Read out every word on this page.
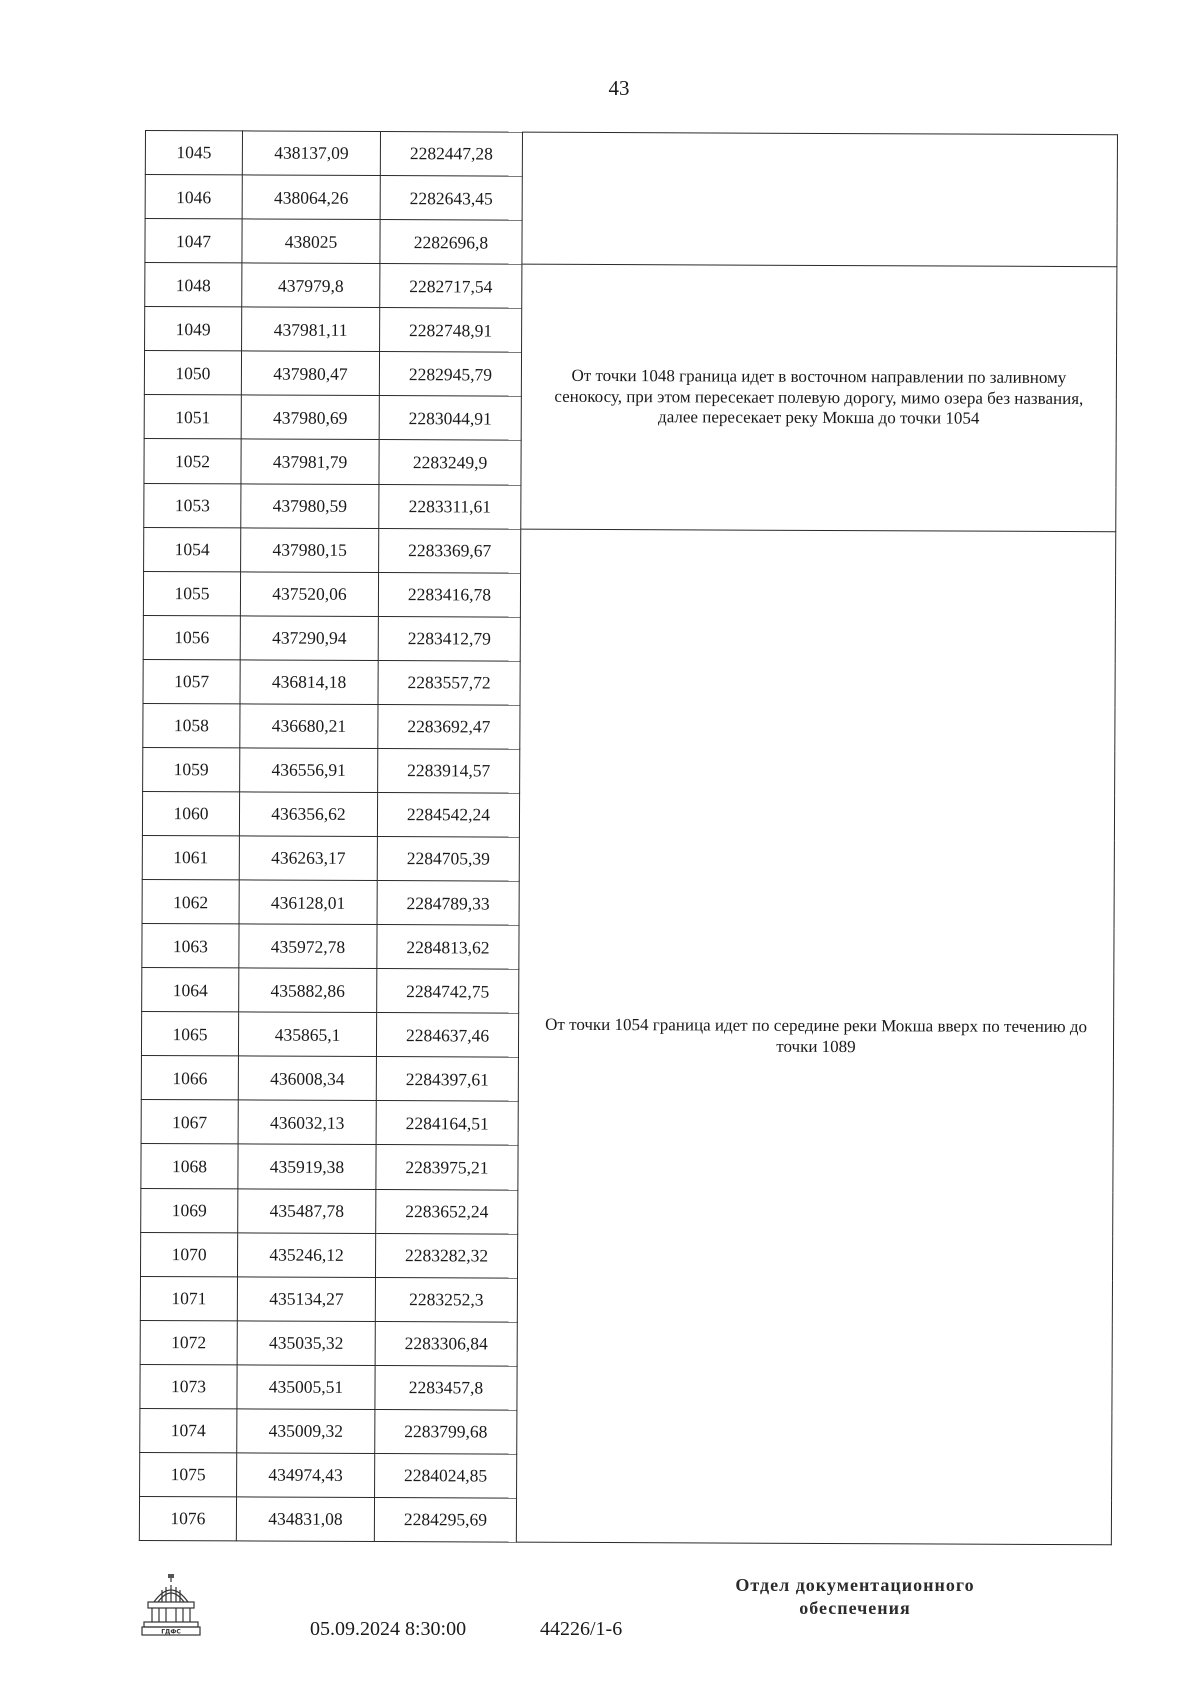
43
1045	438137,09	2282447,28	
1046	438064,26	2282643,45	
1047	438025	2282696,8	
1048	437979,8	2282717,54	От точки 1048 граница идет в восточном направлении по заливному сенокосу, при этом пересекает полевую дорогу, мимо озера без названия, далее пересекает реку Мокша до точки 1054
1049	437981,11	2282748,91	
1050	437980,47	2282945,79	
1051	437980,69	2283044,91	
1052	437981,79	2283249,9	
1053	437980,59	2283311,61	
1054	437980,15	2283369,67	От точки 1054 граница идет по середине реки Мокша вверх по течению до точки 1089
1055	437520,06	2283416,78	
1056	437290,94	2283412,79	
1057	436814,18	2283557,72	
1058	436680,21	2283692,47	
1059	436556,91	2283914,57	
1060	436356,62	2284542,24	
1061	436263,17	2284705,39	
1062	436128,01	2284789,33	
1063	435972,78	2284813,62	
1064	435882,86	2284742,75	
1065	435865,1	2284637,46	
1066	436008,34	2284397,61	
1067	436032,13	2284164,51	
1068	435919,38	2283975,21	
1069	435487,78	2283652,24	
1070	435246,12	2283282,32	
1071	435134,27	2283252,3	
1072	435035,32	2283306,84	
1073	435005,51	2283457,8	
1074	435009,32	2283799,68	
1075	434974,43	2284024,85	
1076	434831,08	2284295,69	
ГДФС	05.09.2024 8:30:00	44226/1-6
Отдел документационного
обеспечения
